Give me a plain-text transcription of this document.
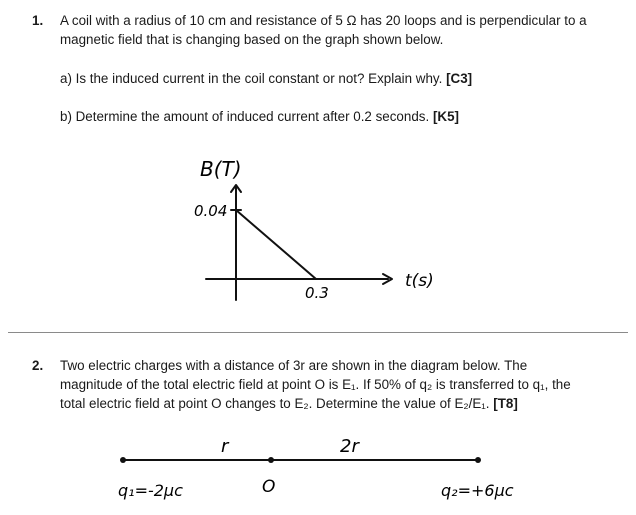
1. A coil with a radius of 10 cm and resistance of 5 Ω has 20 loops and is perpendicular to a
magnetic field that is changing based on the graph shown below.
a) Is the induced current in the coil constant or not? Explain why. [C3]
b) Determine the amount of induced current after 0.2 seconds. [K5]
B(T)
0.04
0.3
t(s)
2. Two electric charges with a distance of 3r are shown in the diagram below. The
magnitude of the total electric field at point O is E₁. If 50% of q₂ is transferred to q₁, the
total electric field at point O changes to E₂. Determine the value of E₂/E₁. [T8]
r	2r
q₁=-2μc	O	q₂=+6μc
